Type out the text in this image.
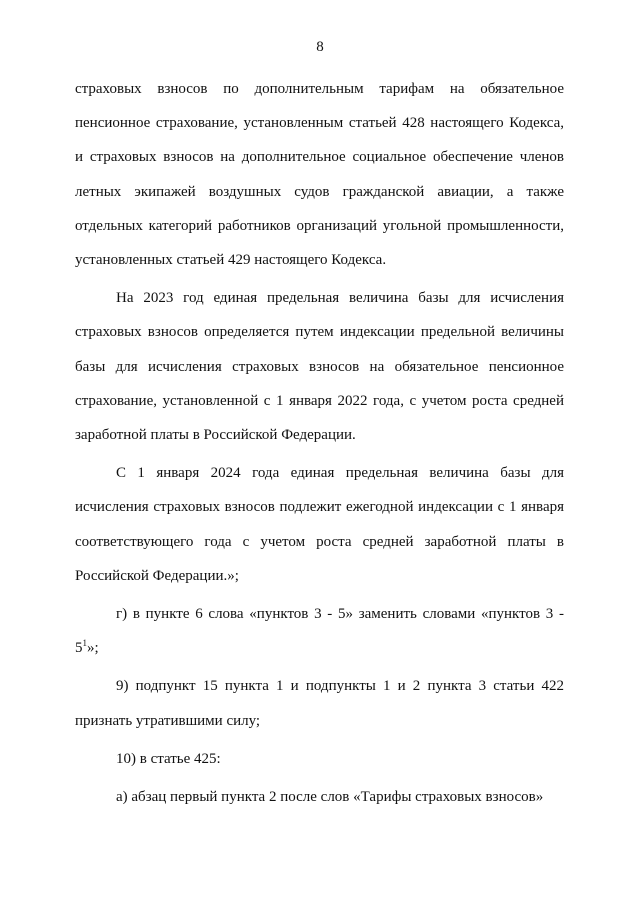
8

страховых взносов по дополнительным тарифам на обязательное пенсионное страхование, установленным статьей 428 настоящего Кодекса, и страховых взносов на дополнительное социальное обеспечение членов летных экипажей воздушных судов гражданской авиации, а также отдельных категорий работников организаций угольной промышленности, установленных статьей 429 настоящего Кодекса.

На 2023 год единая предельная величина базы для исчисления страховых взносов определяется путем индексации предельной величины базы для исчисления страховых взносов на обязательное пенсионное страхование, установленной с 1 января 2022 года, с учетом роста средней заработной платы в Российской Федерации.

С 1 января 2024 года единая предельная величина базы для исчисления страховых взносов подлежит ежегодной индексации с 1 января соответствующего года с учетом роста средней заработной платы в Российской Федерации.»;

г) в пункте 6 слова «пунктов 3 - 5» заменить словами «пунктов $3 - 5^1$»;

9) подпункт 15 пункта 1 и подпункты 1 и 2 пункта 3 статьи 422 признать утратившими силу;

10) в статье 425:

а) абзац первый пункта 2 после слов «Тарифы страховых взносов»
